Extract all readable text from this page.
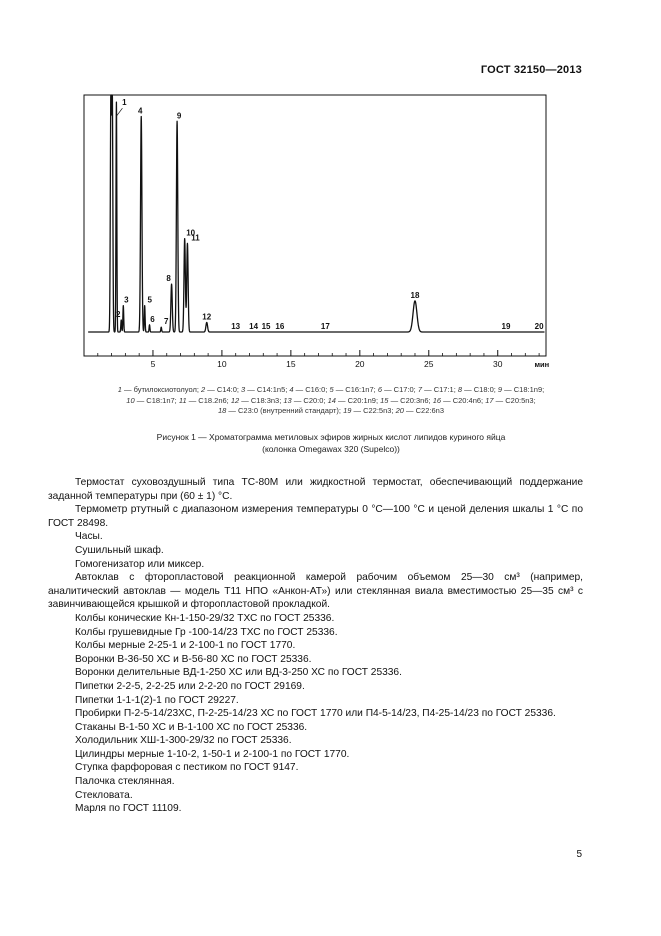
ГОСТ 32150—2013
5	10	15	20	25	30	мин
1
2
3
4
5
6 7
8
9
10
11
12
13 14 15 16	17
18
19	20
1 — бутилоксиотолуол; 2 — C14:0; 3 — C14:1n5; 4 — C16:0; 5 — C16:1n7; 6 — C17:0; 7 — C17:1; 8 — C18:0; 9 — C18:1n9;
10 — C18:1n7; 11 — C18.2n6; 12 — C18:3n3; 13 — C20:0; 14 — C20:1n9; 15 — C20:3n6; 16 — C20:4n6; 17 — C20:5n3;
18 — C23:0 (внутренний стандарт); 19 — C22:5n3; 20 — C22:6n3
Рисунок 1 — Хроматограмма метиловых эфиров жирных кислот липидов куриного яйца
(колонка Omegawax 320 (Supelco))

Термостат суховоздушный типа ТС-80М или жидкостной термостат, обеспечивающий поддержание заданной температуры при (60 ± 1) °С.

Термометр ртутный с диапазоном измерения температуры 0 °С—100 °С и ценой деления шкалы 1 °С по ГОСТ 28498.

Часы.

Сушильный шкаф.

Гомогенизатор или миксер.

Автоклав с фторопластовой реакционной камерой рабочим объемом 25—30 см³ (например, аналитический автоклав — модель Т11 НПО «Анкон-АТ») или стеклянная виала вместимостью 25—35 см³ с завинчивающейся крышкой и фторопластовой прокладкой.

Колбы конические Кн-1-150-29/32 ТХС по ГОСТ 25336.

Колбы грушевидные Гр -100-14/23 ТХС по ГОСТ 25336.

Колбы мерные 2-25-1 и 2-100-1 по ГОСТ 1770.

Воронки В-36-50 ХС и В-56-80 ХС по ГОСТ 25336.

Воронки делительные ВД-1-250 ХС или ВД-3-250 ХС по ГОСТ 25336.

Пипетки 2-2-5, 2-2-25 или 2-2-20 по ГОСТ 29169.

Пипетки 1-1-1(2)-1 по ГОСТ 29227.

Пробирки П-2-5-14/23ХС, П-2-25-14/23 ХС по ГОСТ 1770 или П4-5-14/23, П4-25-14/23 по ГОСТ 25336.

Стаканы В-1-50 ХС и В-1-100 ХС по ГОСТ 25336.

Холодильник ХШ-1-300-29/32 по ГОСТ 25336.

Цилиндры мерные 1-10-2, 1-50-1 и 2-100-1 по ГОСТ 1770.

Ступка фарфоровая с пестиком по ГОСТ 9147.

Палочка стеклянная.

Стекловата.

Марля по ГОСТ 11109.

5
